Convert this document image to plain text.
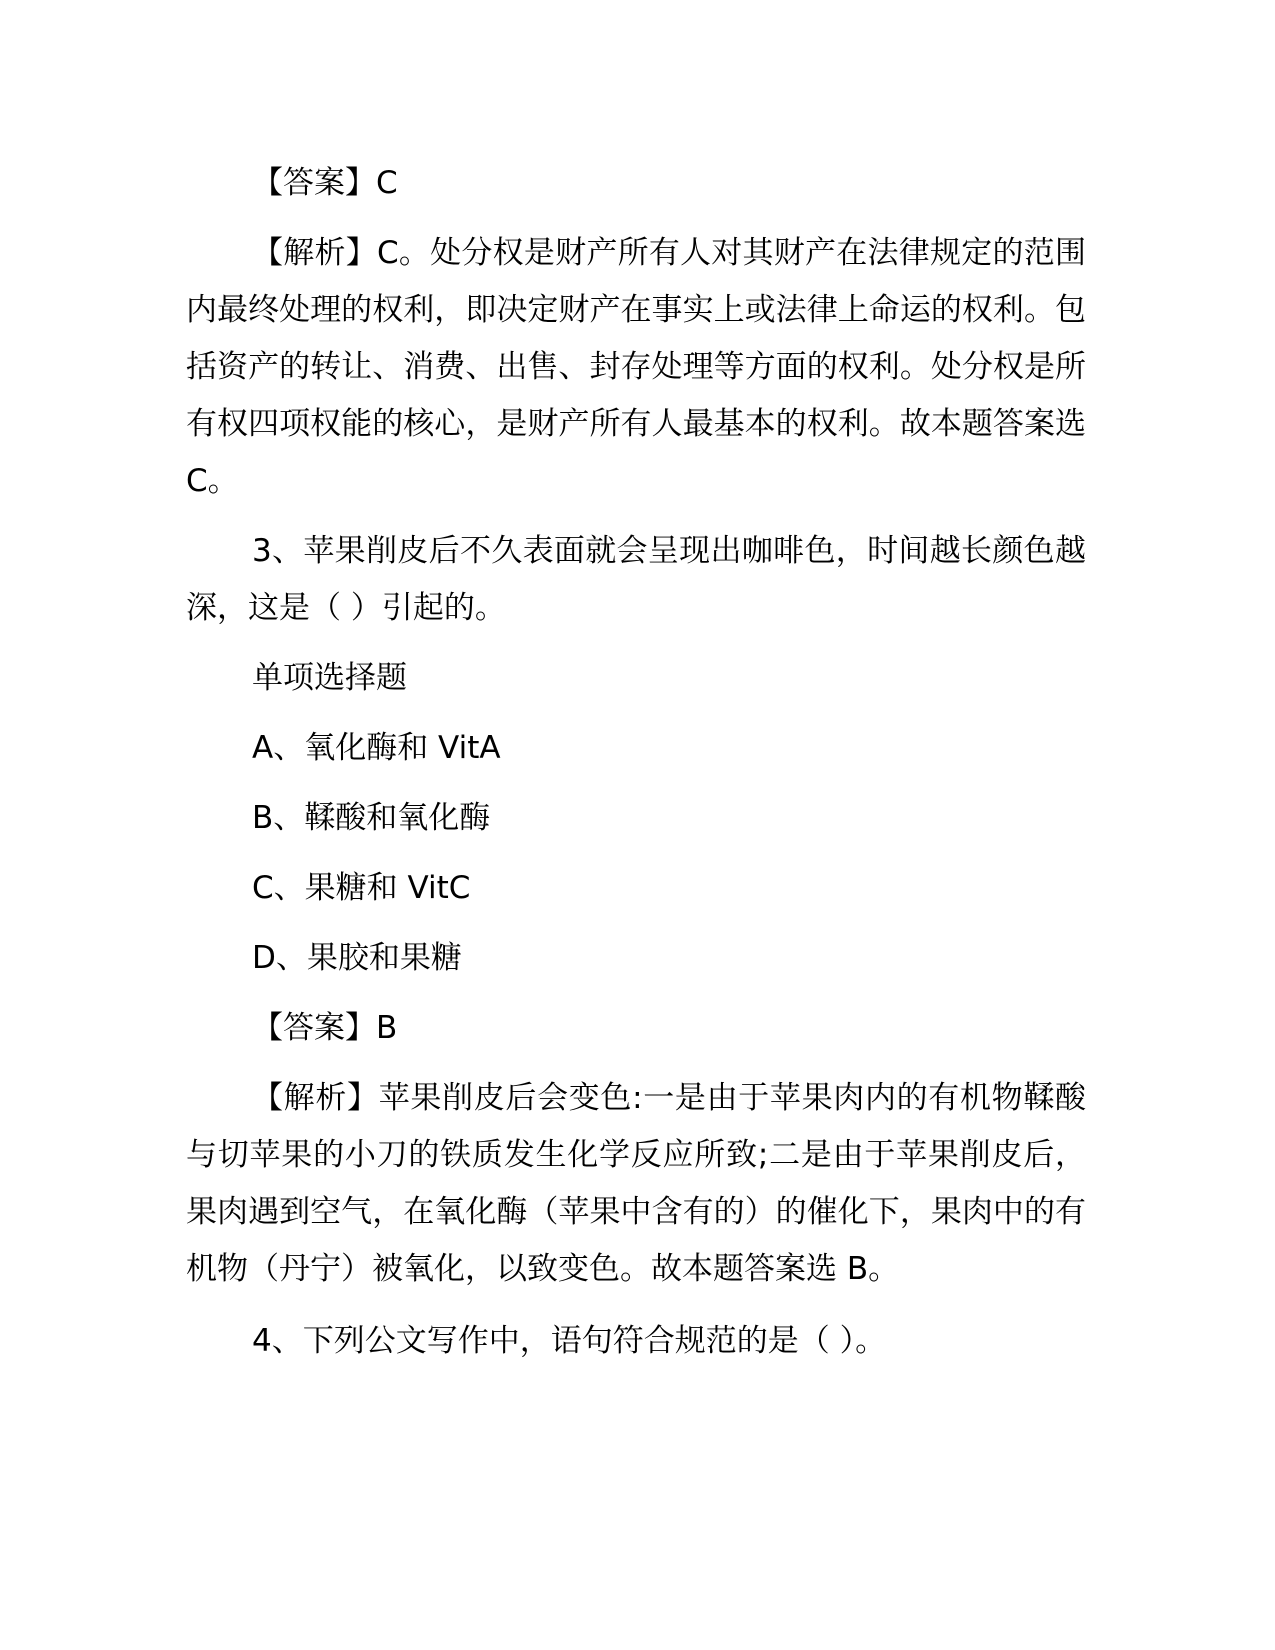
【答案】C

【解析】C。处分权是财产所有人对其财产在法律规定的范围内最终处理的权利，即决定财产在事实上或法律上命运的权利。包括资产的转让、消费、出售、封存处理等方面的权利。处分权是所有权四项权能的核心，是财产所有人最基本的权利。故本题答案选 C。

3、苹果削皮后不久表面就会呈现出咖啡色，时间越长颜色越深，这是（ ）引起的。

单项选择题

A、氧化酶和 VitA

B、鞣酸和氧化酶

C、果糖和 VitC

D、果胶和果糖

【答案】B

【解析】苹果削皮后会变色:一是由于苹果肉内的有机物鞣酸与切苹果的小刀的铁质发生化学反应所致;二是由于苹果削皮后，果肉遇到空气，在氧化酶（苹果中含有的）的催化下，果肉中的有机物（丹宁）被氧化，以致变色。故本题答案选 B。

4、下列公文写作中，语句符合规范的是（ ）。
